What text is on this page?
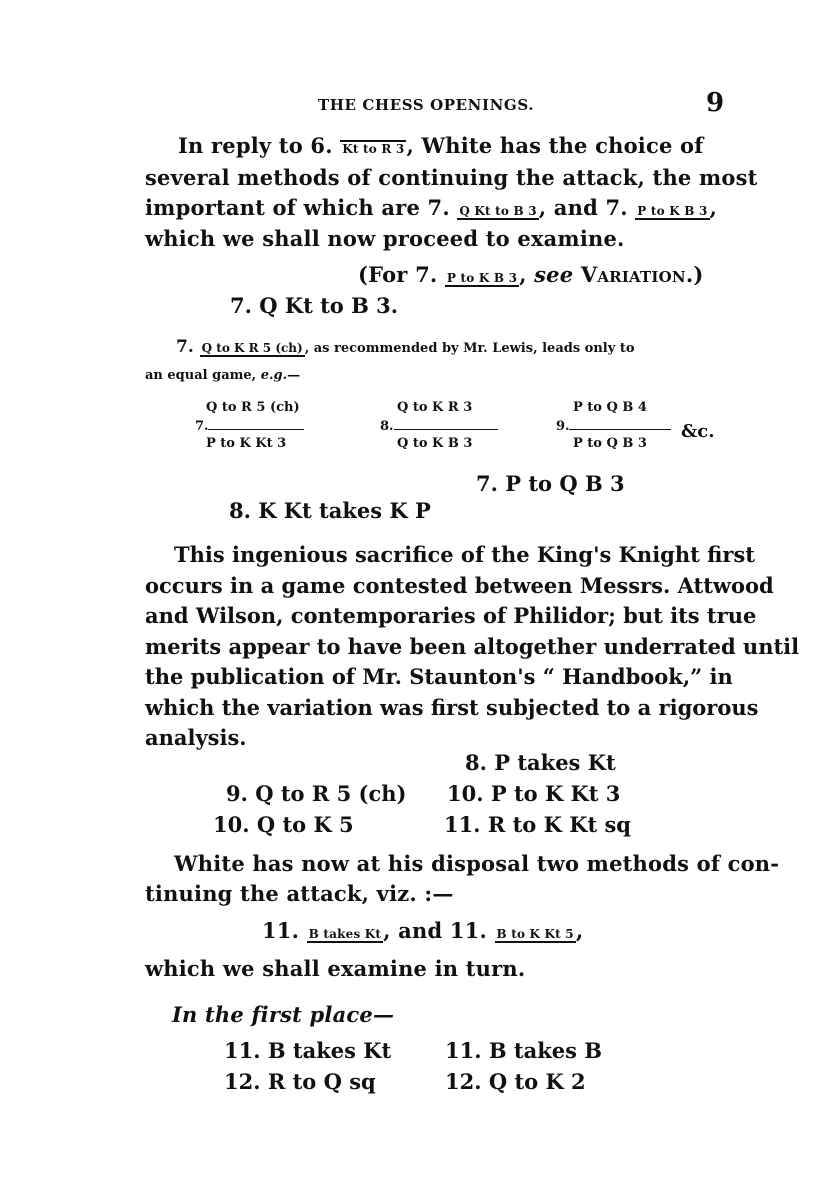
THE CHESS OPENINGS.	9
In reply to 6. Kt to R 3, White has the choice of
several methods of continuing the attack, the most
important of which are 7. Q Kt to B 3, and 7. P to K B 3,
which we shall now proceed to examine.
(For 7. P to K B 3, see Variation.)
7. Q Kt to B 3.
7. Q to K R 5 (ch) , as recommended by Mr. Lewis, leads only to
an equal game, e.g.—
Q to R 5 (ch)
7.
P to K Kt 3
Q to K R 3
8.
Q to K B 3
P to Q B 4
9.
P to Q B 3
&c.
7. P to Q B 3
8. K Kt takes K P
This ingenious sacrifice of the King's Knight first
occurs in a game contested between Messrs. Attwood
and Wilson, contemporaries of Philidor; but its true
merits appear to have been altogether underrated until
the publication of Mr. Staunton's “ Handbook,” in
which the variation was first subjected to a rigorous
analysis.
8. P takes Kt
9. Q to R 5 (ch) 10. P to K Kt 3
10. Q to K 5	11. R to K Kt sq
White has now at his disposal two methods of con-
tinuing the attack, viz. :—
11. B takes Kt, and 11. B to K Kt 5,
which we shall examine in turn.
In the first place—
11. B takes Kt	11. B takes B
12. R to Q sq	12. Q to K 2
